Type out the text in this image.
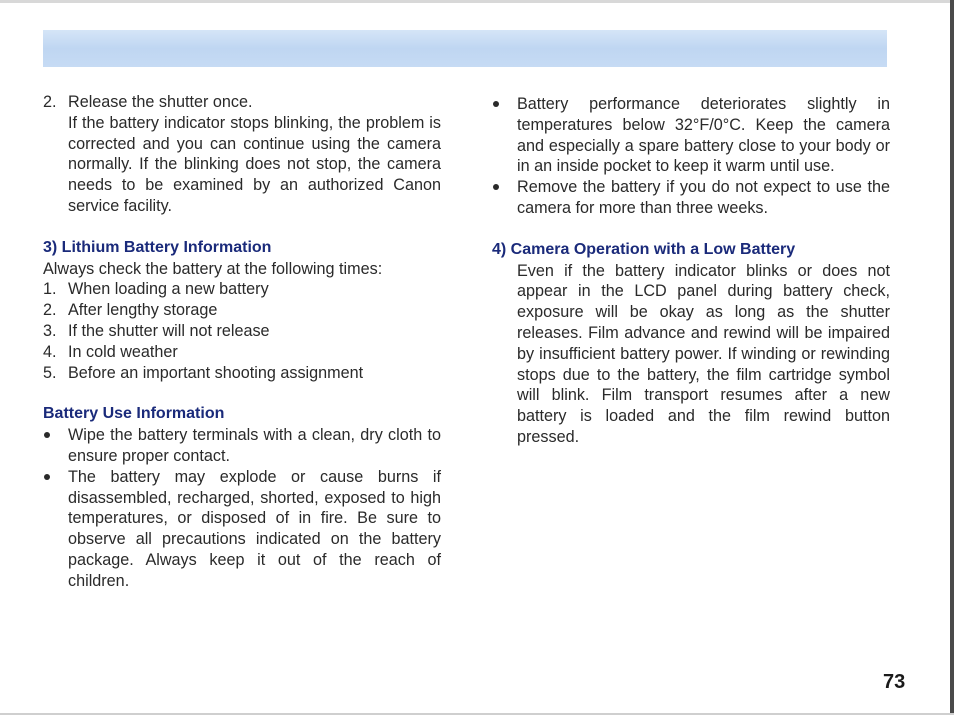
2. Release the shutter once.
If the battery indicator stops blinking, the problem is corrected and you can continue using the camera normally. If the blinking does not stop, the camera needs to be examined by an authorized Canon service facility.
3) Lithium Battery Information
Always check the battery at the following times:
1. When loading a new battery
2. After lengthy storage
3. If the shutter will not release
4. In cold weather
5. Before an important shooting assignment
Battery Use Information
Wipe the battery terminals with a clean, dry cloth to ensure proper contact.
The battery may explode or cause burns if disassembled, recharged, shorted, exposed to high temperatures, or disposed of in fire. Be sure to observe all precautions indicated on the battery package. Always keep it out of the reach of children.
Battery performance deteriorates slightly in temperatures below 32°F/0°C. Keep the camera and especially a spare battery close to your body or in an inside pocket to keep it warm until use.
Remove the battery if you do not expect to use the camera for more than three weeks.
4) Camera Operation with a Low Battery
Even if the battery indicator blinks or does not appear in the LCD panel during battery check, exposure will be okay as long as the shutter releases. Film advance and rewind will be impaired by insufficient battery power. If winding or rewinding stops due to the battery, the film cartridge symbol will blink. Film transport resumes after a new battery is loaded and the film rewind button pressed.
73
